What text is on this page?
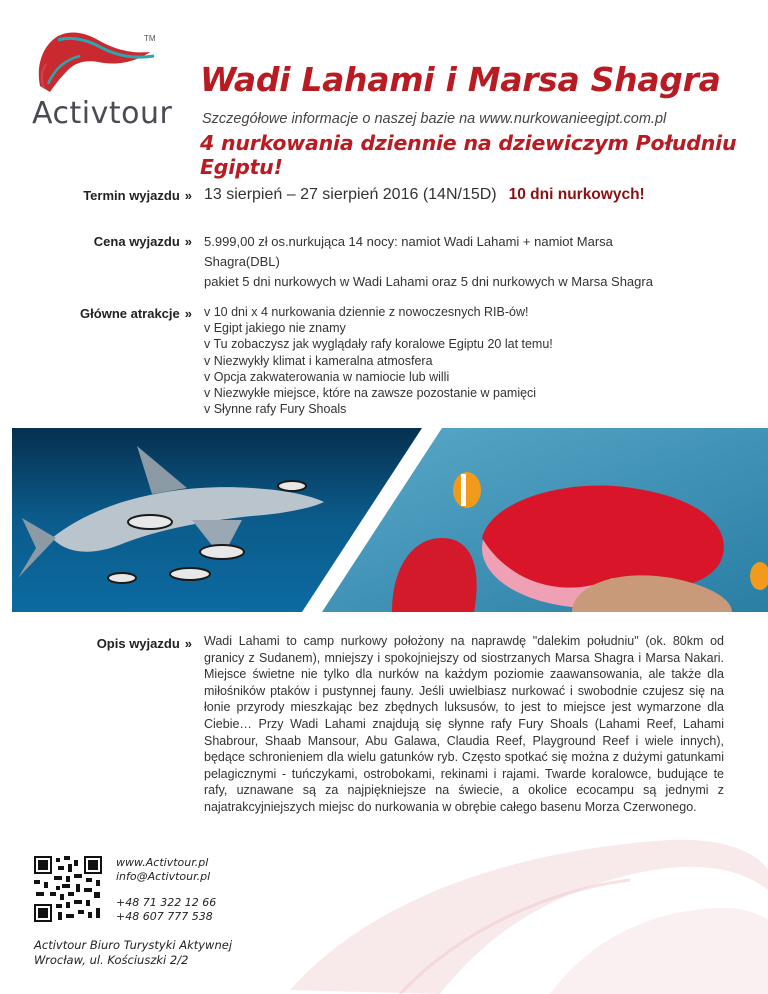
TM
Activtour
Wadi Lahami i Marsa Shagra
Szczegółowe informacje o naszej bazie na www.nurkowanieegipt.com.pl
4 nurkowania dziennie na dziewiczym Południu Egiptu!
Termin wyjazdu » 13 sierpień – 27 sierpień 2016 (14N/15D) 10 dni nurkowych!
Cena wyjazdu » 5.999,00 zł os.nurkująca 14 nocy: namiot Wadi Lahami + namiot Marsa Shagra(DBL)
pakiet 5 dni nurkowych w Wadi Lahami oraz 5 dni nurkowych w Marsa Shagra
Główne atrakcje » v 10 dni x 4 nurkowania dziennie z nowoczesnych RIB-ów!
v Egipt jakiego nie znamy
v Tu zobaczysz jak wyglądały rafy koralowe Egiptu 20 lat temu!
v Niezwykły klimat i kameralna atmosfera
v Opcja zakwaterowania w namiocie lub willi
v Niezwykłe miejsce, które na zawsze pozostanie w pamięci
v Słynne rafy Fury Shoals
Opis wyjazdu » Wadi Lahami to camp nurkowy położony na naprawdę "dalekim południu" (ok. 80km od granicy z Sudanem), mniejszy i spokojniejszy od siostrzanych Marsa Shagra i Marsa Nakari. Miejsce świetne nie tylko dla nurków na każdym poziomie zaawansowania, ale także dla miłośników ptaków i pustynnej fauny. Jeśli uwielbiasz nurkować i swobodnie czujesz się na łonie przyrody mieszkając bez zbędnych luksusów, to jest to miejsce jest wymarzone dla Ciebie… Przy Wadi Lahami znajdują się słynne rafy Fury Shoals (Lahami Reef, Lahami Shabrour, Shaab Mansour, Abu Galawa, Claudia Reef, Playground Reef i wiele innych), będące schronieniem dla wielu gatunków ryb. Często spotkać się można z dużymi gatunkami pelagicznymi - tuńczykami, ostrobokami, rekinami i rajami. Twarde koralowce, budujące te rafy, uznawane są za najpiękniejsze na świecie, a okolice ecocampu są jednymi z najatrakcyjniejszych miejsc do nurkowania w obrębie całego basenu Morza Czerwonego.
www.Activtour.pl
info@Activtour.pl
+48 71 322 12 66
+48 607 777 538
Activtour Biuro Turystyki Aktywnej
Wrocław, ul. Kościuszki 2/2
